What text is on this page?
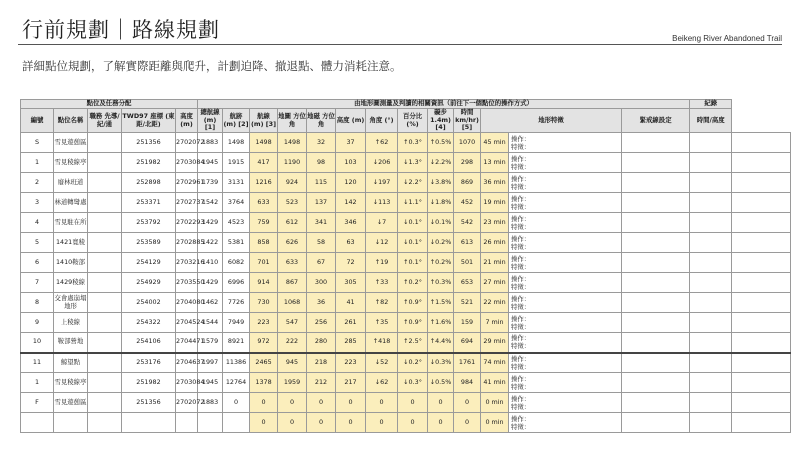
行前規劃｜路線規劃	Beikeng River Abandoned Trail
詳細點位規劃，了解實際距離與爬升，計劃迫降、撤退點、體力消耗注意。
點位及任務分配					由地形圖測量及判讀的相關資訊（前往下一個點位的操作方式）													紀錄	
編號	點位名稱	職務 先導/紀/通	TWD97 座標 (東距/北距)	高度 (m)	總航線 (m) [1]	航跡 (m) [2]	航線 (m) [3]	地圖 方位角	地磁 方位角	高度 (m)	角度 (°)	百分比 (%)	礙步 1.4m) [4]	時間 km/hr) [5]	地形特徵		緊戒線設定	時間/高度	
S	雪見遊憩區		251356	2702072	1883	1498	1498	1498	32	37	↑62	↑0.3°	↑0.5%	1070	45 min	操作：
特徵：			

1	雪見稜線亭		251982	2703084	1945	1915	417	1190	98	103	↓206	↓1.3°	↓2.2%	298	13 min	操作：
特徵：			

2	廢林班道		252898	2702961	1739	3131	1216	924	115	120	↓197	↓2.2°	↓3.8%	869	36 min	操作：
特徵：			

3	林道轉彎處		253371	2702737	1542	3764	633	523	137	142	↓113	↓1.1°	↓1.8%	452	19 min	操作：
特徵：			

4	雪見駐在所		253792	2702293	1429	4523	759	612	341	346	↓7	↓0.1°	↓0.1%	542	23 min	操作：
特徵：			

5	1421寬稜		253589	2702885	1422	5381	858	626	58	63	↓12	↓0.1°	↓0.2%	613	26 min	操作：
特徵：			

6	1410鞍部		254129	2703216	1410	6082	701	633	67	72	↑19	↑0.1°	↑0.2%	501	21 min	操作：
特徵：			

7	1429稜線		254929	2703550	1429	6996	914	867	300	305	↑33	↑0.2°	↑0.3%	653	27 min	操作：
特徵：			

8	交會處崩塌地形		254002	2704080	1462	7726	730	1068	36	41	↑82	↑0.9°	↑1.5%	521	22 min	操作：
特徵：			

9	上稜線		254322	2704524	1544	7949	223	547	256	261	↑35	↑0.9°	↑1.6%	159	7 min	操作：
特徵：			

10	鞍部營地		254106	2704471	1579	8921	972	222	280	285	↑418	↑2.5°	↑4.4%	694	29 min	操作：
特徵：			

11	鯨望點		253176	2704637	1997	11386	2465	945	218	223	↓52	↓0.2°	↓0.3%	1761	74 min	操作：
特徵：			

1	雪見稜線亭		251982	2703084	1945	12764	1378	1959	212	217	↓62	↓0.3°	↓0.5%	984	41 min	操作：
特徵：			

F	雪見遊憩區		251356	2702072	1883	0	0	0	0	0	0	0	0	0	0 min	操作：
特徵：			

							0	0	0	0	0	0	0	0	0 min	操作：
特徵：			
